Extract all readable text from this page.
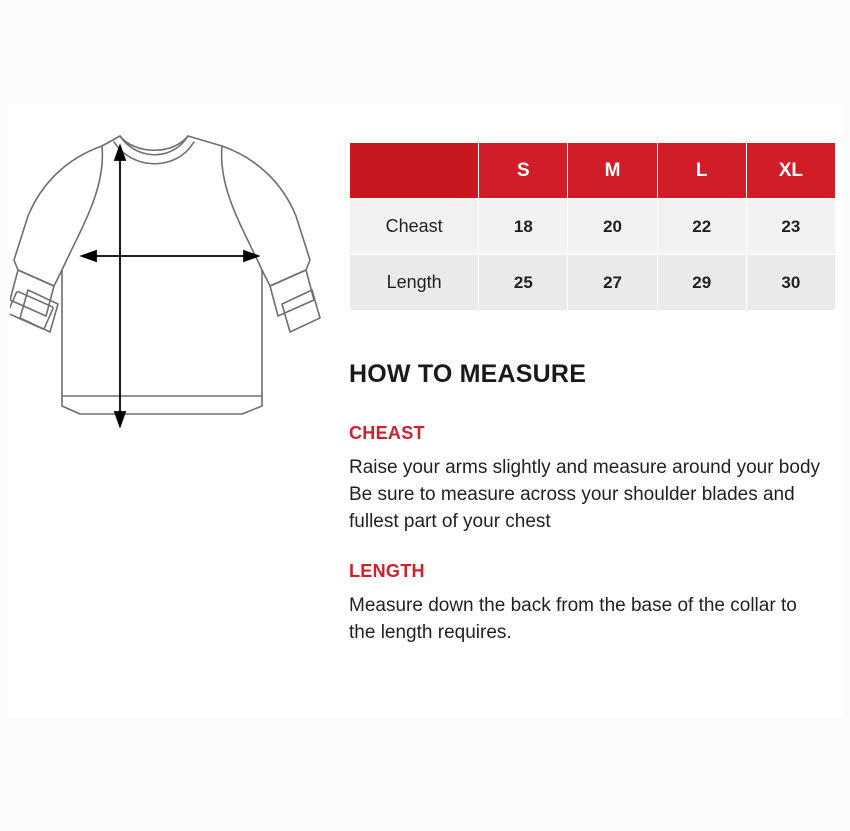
	S	M	L	XL
Cheast	18	20	22	23
Length	25	27	29	30
HOW TO MEASURE
CHEAST

Raise your arms slightly and measure around your body Be sure to measure across your shoulder blades and fullest part of your chest

LENGTH

Measure down the back from the base of the collar to the length requires.
